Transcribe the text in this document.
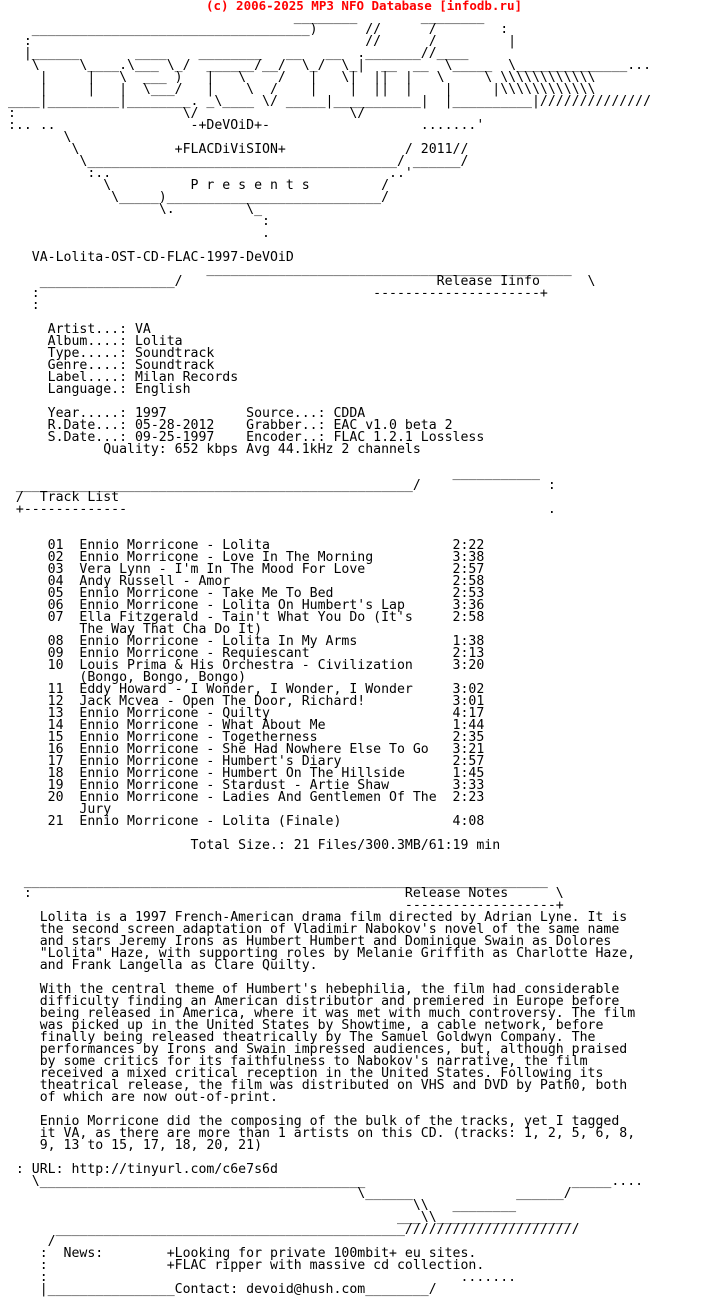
(c) 2006-2025 MP3 NFO Database [infodb.ru]
________        ________
___________________________________)      //      /        :
:                                          //      /         |
|______       ____    ________   __   __  ._______//____
\     \____.\___ \_/  ______/__/  \_/  \_|  __  __  \_____  \______________...
|     |   \  ___ )   |   \    /   |   \|  ||  |   \     \ \\\\\\\\\\\\
|     |   |  \___/   |    \  /    |    |  ||  |    |     |\\\\\\\\\\\\
____|_________|________. _\____ \/ _____|___________|  |__________|//////////////
:                     \/                   \/
:.. ..                 -+DeVOiD+-                   .......'
\
\            +FLACDiViSION+               / 2011//
\_______________________________________/ ______/
:..                                   ..'
\          P r e s e n t s         /
\_____)___________________________/
\.         \_
:
.

VA-Lolita-OST-CD-FLAC-1997-DeVOiD
______________________________________________
_________________/                                Release Iinfo      \
:                                          ---------------------+
:

Artist...: VA
Album....: Lolita
Type.....: Soundtrack
Genre....: Soundtrack
Label....: Milan Records
Language.: English

Year.....: 1997          Source...: CDDA
R.Date...: 05-28-2012    Grabber..: EAC v1.0 beta 2
S.Date...: 09-25-1997    Encoder..: FLAC 1.2.1 Lossless
Quality: 652 kbps Avg 44.1kHz 2 channels

___________
__________________________________________________/                :
/  Track List
+-------------                                                     .

01  Ennio Morricone - Lolita                       2:22
02  Ennio Morricone - Love In The Morning          3:38
03  Vera Lynn - I'm In The Mood For Love           2:57
04  Andy Russell - Amor                            2:58
05  Ennio Morricone - Take Me To Bed               2:53
06  Ennio Morricone - Lolita On Humbert's Lap      3:36
07  Ella Fitzgerald - Tain't What You Do (It's     2:58
The Way That Cha Do It)
08  Ennio Morricone - Lolita In My Arms            1:38
09  Ennio Morricone - Requiescant                  2:13
10  Louis Prima & His Orchestra - Civilization     3:20
(Bongo, Bongo, Bongo)
11  Eddy Howard - I Wonder, I Wonder, I Wonder     3:02
12  Jack Mcvea - Open The Door, Richard!           3:01
13  Ennio Morricone - Quilty                       4:17
14  Ennio Morricone - What About Me                1:44
15  Ennio Morricone - Togetherness                 2:35
16  Ennio Morricone - She Had Nowhere Else To Go   3:21
17  Ennio Morricone - Humbert's Diary              2:57
18  Ennio Morricone - Humbert On The Hillside      1:45
19  Ennio Morricone - Stardust - Artie Shaw        3:33
20  Ennio Morricone - Ladies And Gentlemen Of The  2:23
Jury
21  Ennio Morricone - Lolita (Finale)              4:08

Total Size.: 21 Files/300.3MB/61:19 min

__________________________________________________________________
:                                               Release Notes      \
-------------------+
Lolita is a 1997 French-American drama film directed by Adrian Lyne. It is
the second screen adaptation of Vladimir Nabokov's novel of the same name
and stars Jeremy Irons as Humbert Humbert and Dominique Swain as Dolores
"Lolita" Haze, with supporting roles by Melanie Griffith as Charlotte Haze,
and Frank Langella as Clare Quilty.

With the central theme of Humbert's hebephilia, the film had considerable
difficulty finding an American distributor and premiered in Europe before
being released in America, where it was met with much controversy. The film
was picked up in the United States by Showtime, a cable network, before
finally being released theatrically by The Samuel Goldwyn Company. The
performances by Irons and Swain impressed audiences, but, although praised
by some critics for its faithfulness to Nabokov's narrative, the film
received a mixed critical reception in the United States. Following its
theatrical release, the film was distributed on VHS and DVD by Path0, both
of which are now out-of-print.

Ennio Morricone did the composing of the bulk of the tracks, yet I tagged
it VA, as there are more than 1 artists on this CD. (tracks: 1, 2, 5, 6, 8,
9, 13 to 15, 17, 18, 20, 21)

: URL: http://tinyurl.com/c6e7s6d
\_________________________________________                          _____....
\______             ______/
\\   ________
___\\_________________
____________________________________________//////////////////////
/
:  News:        +Looking for private 100mbit+ eu sites.
:               +FLAC ripper with massive cd collection.
:                                                    .......
|________________Contact: devoid@hush.com________/
